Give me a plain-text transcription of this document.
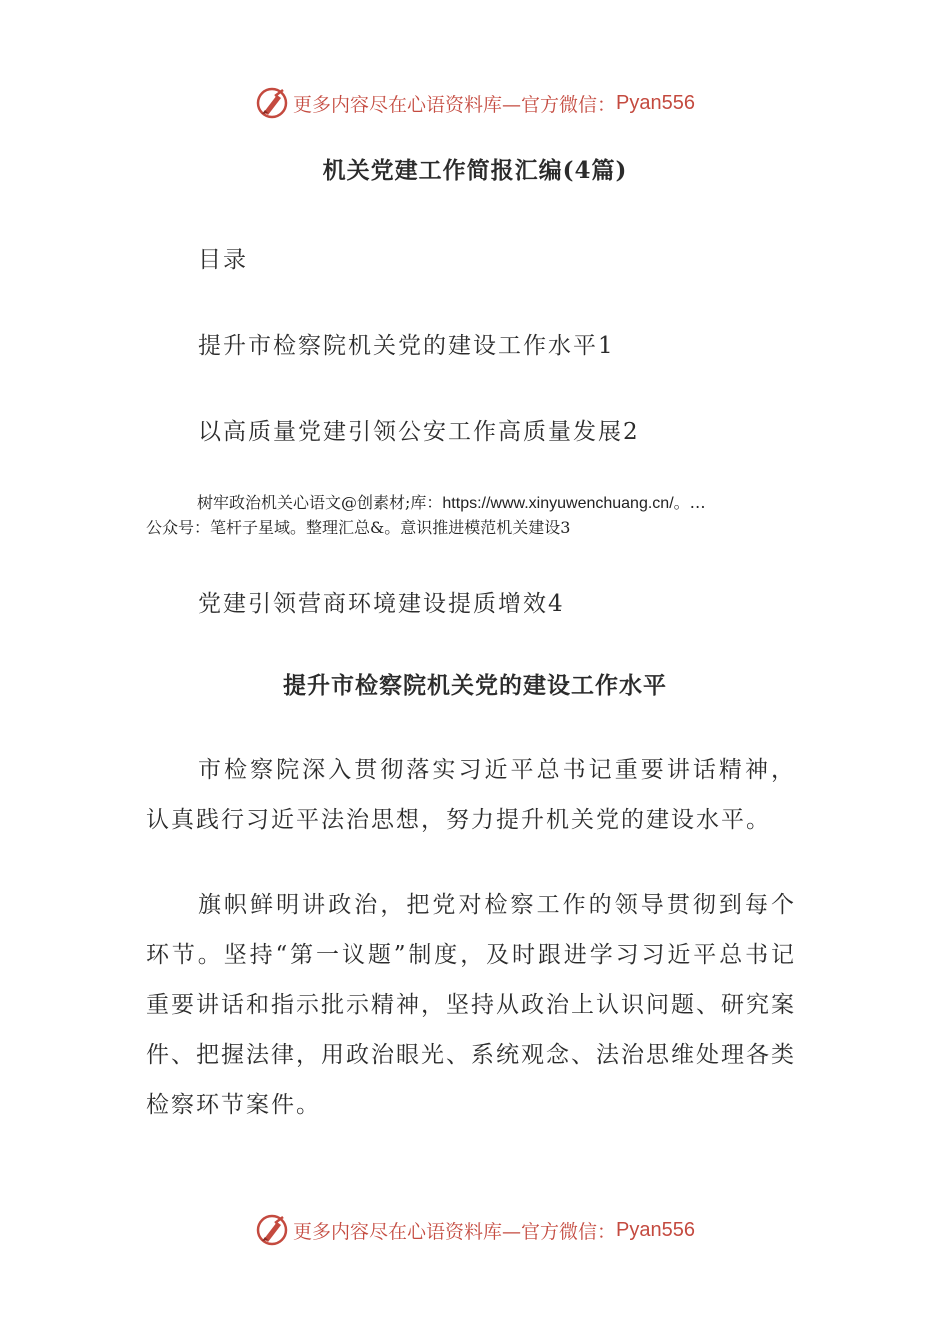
更多内容尽在心语资料库—官方微信： Pyan556
机关党建工作简报汇编(4篇)
目录
提升市检察院机关党的建设工作水平1
以高质量党建引领公安工作高质量发展2
树牢政治机关心语文@创素材;库：https://www.xinyuwenchuang.cn/。…
公众号：笔杆子星域。整理汇总&。意识推进模范机关建设3
党建引领营商环境建设提质增效4
提升市检察院机关党的建设工作水平
市检察院深入贯彻落实习近平总书记重要讲话精神，认真践行习近平法治思想，努力提升机关党的建设水平。
旗帜鲜明讲政治，把党对检察工作的领导贯彻到每个环节。坚持“第一议题”制度，及时跟进学习习近平总书记重要讲话和指示批示精神，坚持从政治上认识问题、研究案件、把握法律，用政治眼光、系统观念、法治思维处理各类检察环节案件。
更多内容尽在心语资料库—官方微信： Pyan556
